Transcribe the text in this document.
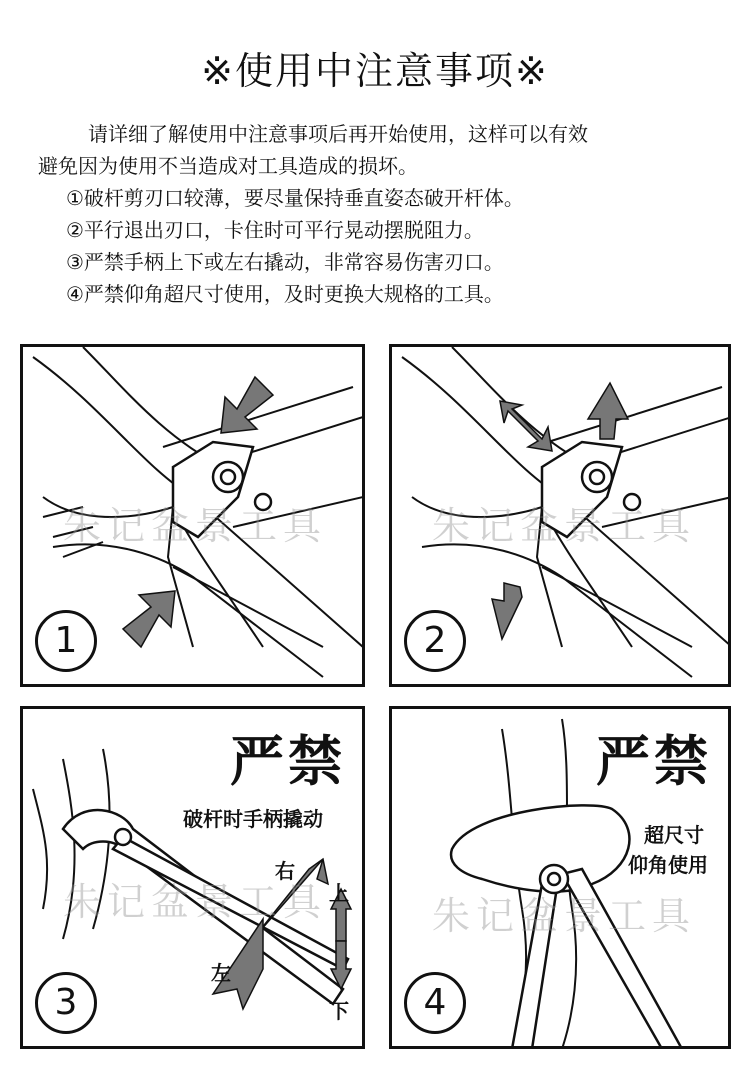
※使用中注意事项※
请详细了解使用中注意事项后再开始使用，这样可以有效
避免因为使用不当造成对工具造成的损坏。
①破杆剪刃口较薄，要尽量保持垂直姿态破开杆体。
②平行退出刃口，卡住时可平行晃动摆脱阻力。
③严禁手柄上下或左右撬动，非常容易伤害刃口。
④严禁仰角超尺寸使用，及时更换大规格的工具。
朱记盆景工具
1
朱记盆景工具
2
朱记盆景工具
严禁
破杆时手柄撬动
右
左
上
下
3
朱记盆景工具
严禁
超尺寸
仰角使用
4
